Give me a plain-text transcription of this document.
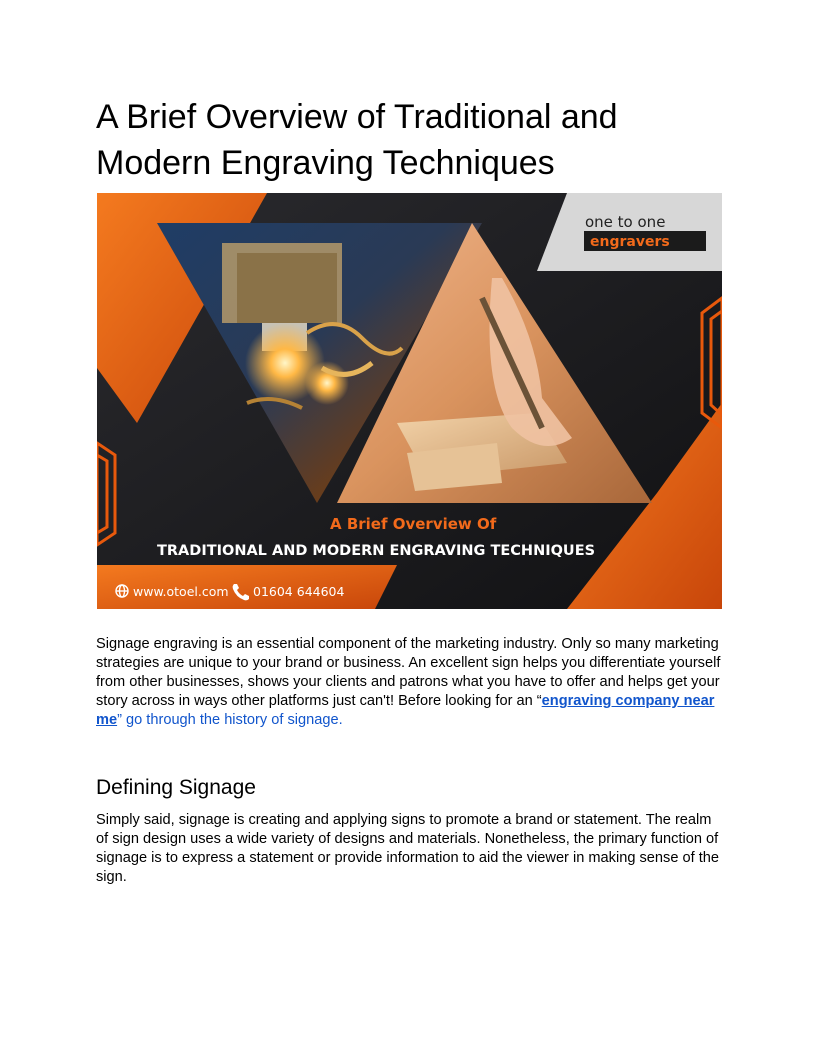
A Brief Overview of Traditional and Modern Engraving Techniques
one to one
engravers
A Brief Overview Of
TRADITIONAL AND MODERN ENGRAVING TECHNIQUES
www.otoel.com 01604 644604

Signage engraving is an essential component of the marketing industry. Only so many marketing strategies are unique to your brand or business. An excellent sign helps you differentiate yourself from other businesses, shows your clients and patrons what you have to offer and helps get your story across in ways other platforms just can't! Before looking for an “engraving company near me” go through the history of signage.

Defining Signage

Simply said, signage is creating and applying signs to promote a brand or statement. The realm of sign design uses a wide variety of designs and materials. Nonetheless, the primary function of signage is to express a statement or provide information to aid the viewer in making sense of the sign.
